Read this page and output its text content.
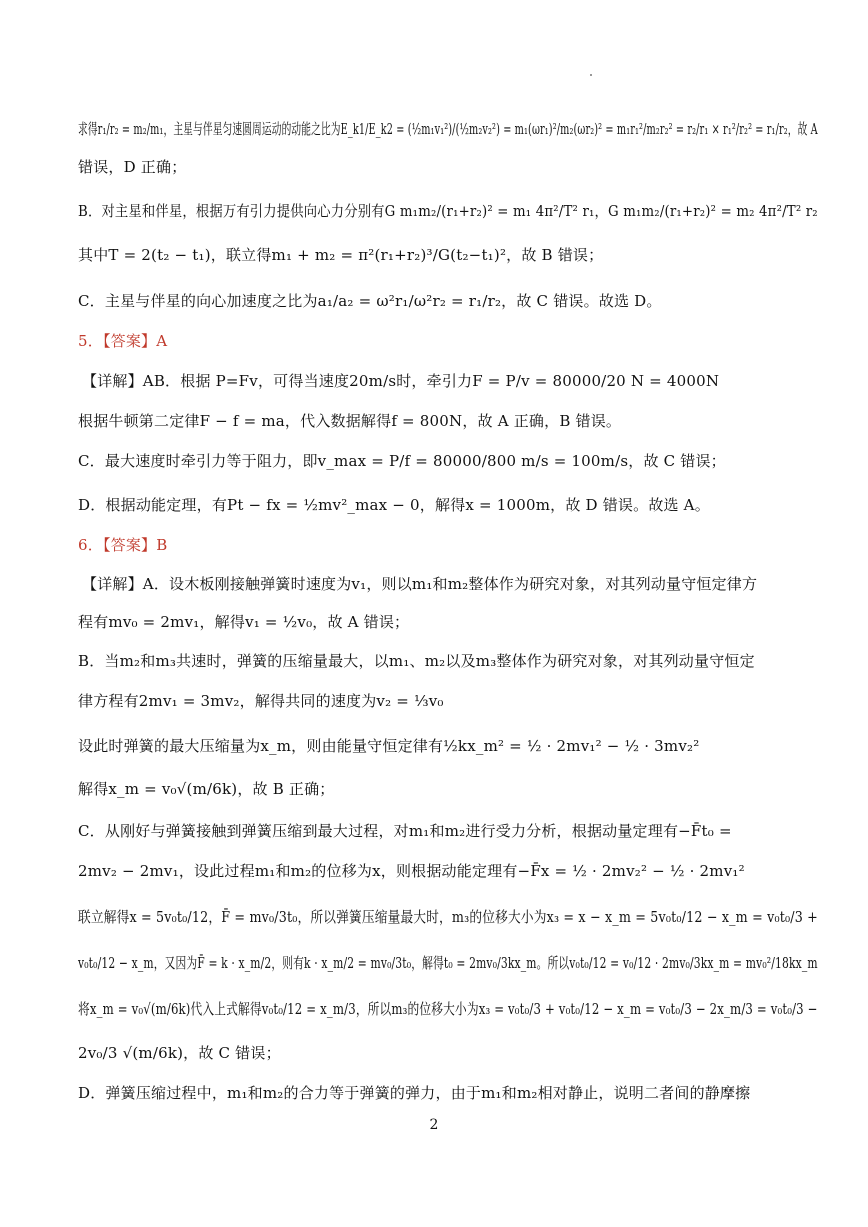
求得r₁/r₂ = m₂/m₁，主星与伴星匀速圆周运动的动能之比为E_k1/E_k2 = (½m₁v₁²)/(½m₂v₂²) = m₁(ωr₁)²/m₂(ωr₂)² = m₁r₁²/m₂r₂² = r₂/r₁ × r₁²/r₂² = r₁/r₂，故 A
错误，D 正确；
B．对主星和伴星，根据万有引力提供向心力分别有G m₁m₂/(r₁+r₂)² = m₁ 4π²/T² r₁，G m₁m₂/(r₁+r₂)² = m₂ 4π²/T² r₂
其中T = 2(t₂ − t₁)，联立得m₁ + m₂ = π²(r₁+r₂)³/G(t₂−t₁)²，故 B 错误；
C．主星与伴星的向心加速度之比为a₁/a₂ = ω²r₁/ω²r₂ = r₁/r₂，故 C 错误。故选 D。
5．【答案】A
【详解】AB．根据 P=Fv，可得当速度20m/s时，牵引力F = P/v = 80000/20 N = 4000N
根据牛顿第二定律F − f = ma，代入数据解得f = 800N，故 A 正确，B 错误。
C．最大速度时牵引力等于阻力，即v_max = P/f = 80000/800 m/s = 100m/s，故 C 错误；
D．根据动能定理，有Pt − fx = ½mv²_max − 0，解得x = 1000m，故 D 错误。故选 A。
6．【答案】B
【详解】A．设木板刚接触弹簧时速度为v₁，则以m₁和m₂整体作为研究对象，对其列动量守恒定律方
程有mv₀ = 2mv₁，解得v₁ = ½v₀，故 A 错误；
B．当m₂和m₃共速时，弹簧的压缩量最大，以m₁、m₂以及m₃整体作为研究对象，对其列动量守恒定
律方程有2mv₁ = 3mv₂，解得共同的速度为v₂ = ⅓v₀
设此时弹簧的最大压缩量为x_m，则由能量守恒定律有½kx_m² = ½ · 2mv₁² − ½ · 3mv₂²
解得x_m = v₀√(m/6k)，故 B 正确；
C．从刚好与弹簧接触到弹簧压缩到最大过程，对m₁和m₂进行受力分析，根据动量定理有−F̄t₀ =
2mv₂ − 2mv₁，设此过程m₁和m₂的位移为x，则根据动能定理有−F̄x = ½ · 2mv₂² − ½ · 2mv₁²
联立解得x = 5v₀t₀/12，F̄ = mv₀/3t₀，所以弹簧压缩量最大时，m₃的位移大小为x₃ = x − x_m = 5v₀t₀/12 − x_m = v₀t₀/3 +
v₀t₀/12 − x_m，又因为F̄ = k · x_m/2，则有k · x_m/2 = mv₀/3t₀，解得t₀ = 2mv₀/3kx_m。所以v₀t₀/12 = v₀/12 · 2mv₀/3kx_m = mv₀²/18kx_m
将x_m = v₀√(m/6k)代入上式解得v₀t₀/12 = x_m/3，所以m₃的位移大小为x₃ = v₀t₀/3 + v₀t₀/12 − x_m = v₀t₀/3 − 2x_m/3 = v₀t₀/3 −
2v₀/3 √(m/6k)，故 C 错误；
D．弹簧压缩过程中，m₁和m₂的合力等于弹簧的弹力，由于m₁和m₂相对静止，说明二者间的静摩擦
2
